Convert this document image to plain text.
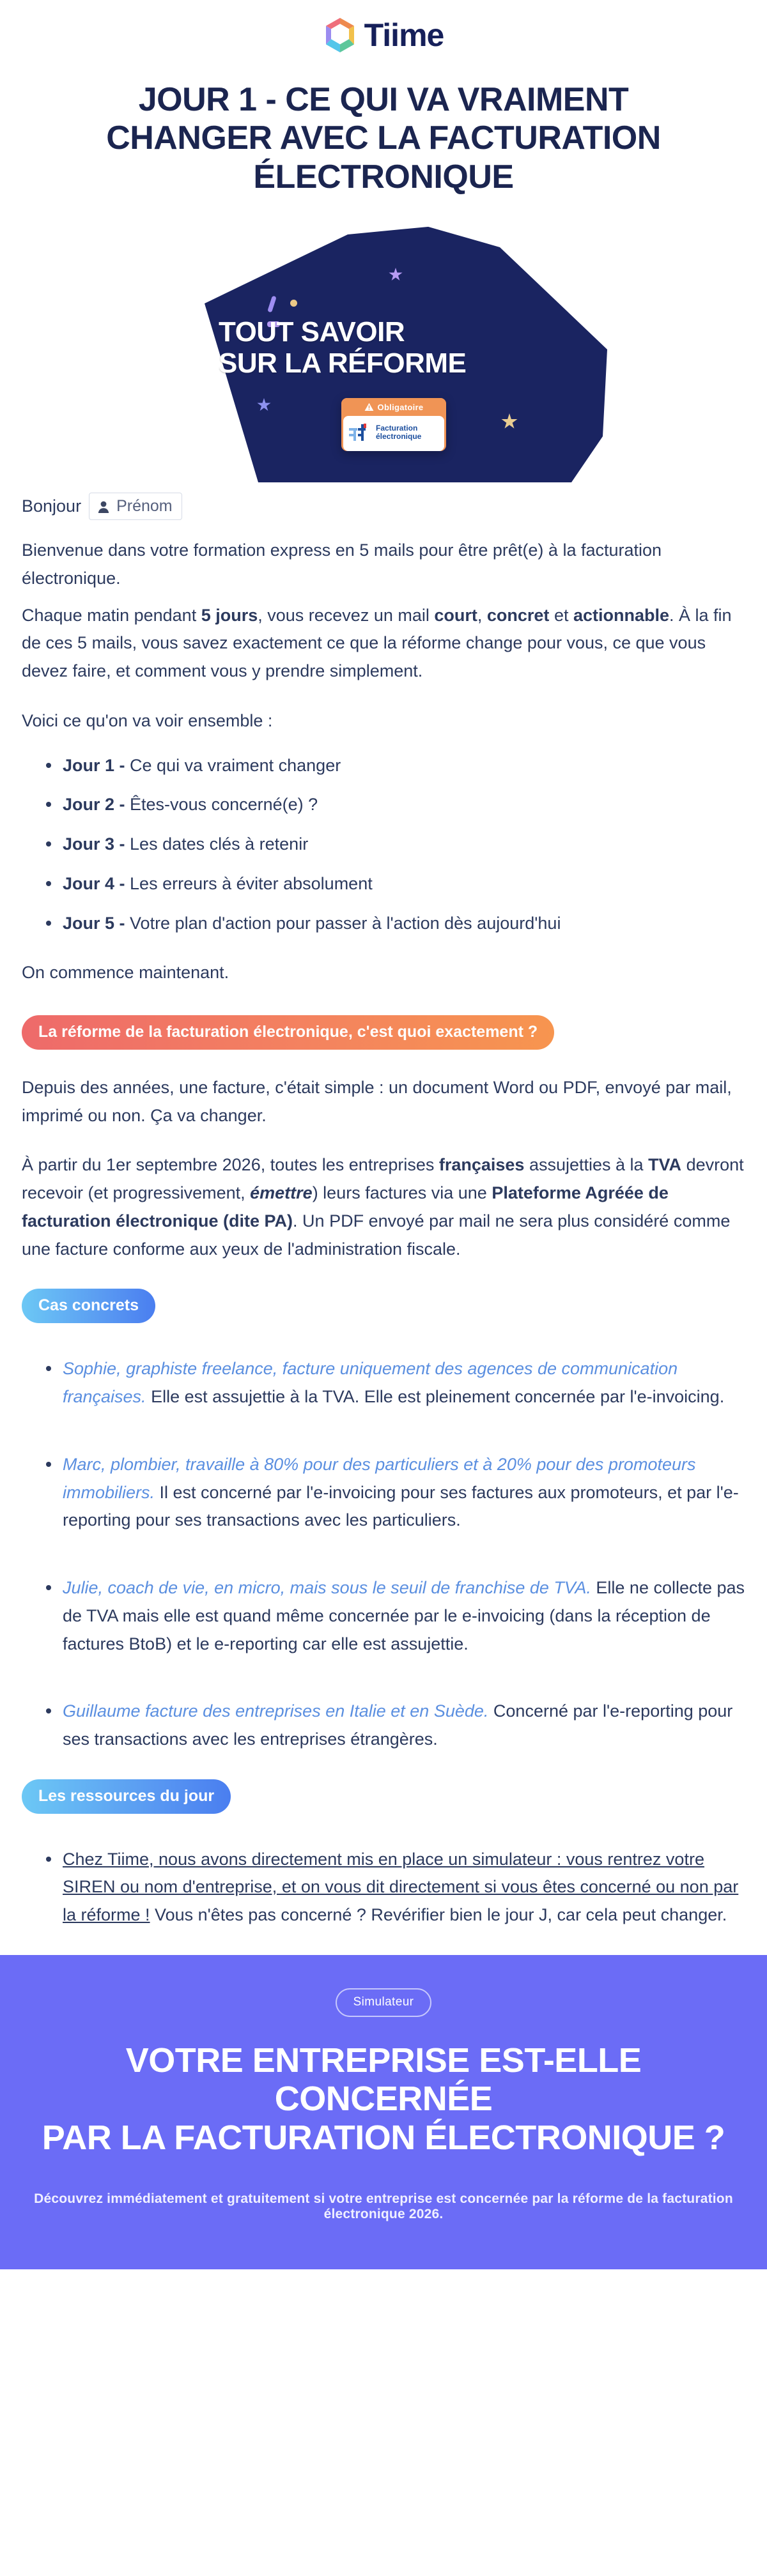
Tiime
JOUR 1 - CE QUI VA VRAIMENT CHANGER AVEC LA FACTURATION ÉLECTRONIQUE
TOUT SAVOIR
SUR LA RÉFORME
Obligatoire
Facturation
électronique
Bonjour Prénom

Bienvenue dans votre formation express en 5 mails pour être prêt(e) à la facturation électronique.

Chaque matin pendant 5 jours, vous recevez un mail court, concret et actionnable. À la fin de ces 5 mails, vous savez exactement ce que la réforme change pour vous, ce que vous devez faire, et comment vous y prendre simplement.

Voici ce qu'on va voir ensemble :

Jour 1 - Ce qui va vraiment changer
Jour 2 - Êtes-vous concerné(e) ?
Jour 3 - Les dates clés à retenir
Jour 4 - Les erreurs à éviter absolument
Jour 5 - Votre plan d'action pour passer à l'action dès aujourd'hui

On commence maintenant.

La réforme de la facturation électronique, c'est quoi exactement ?

Depuis des années, une facture, c'était simple : un document Word ou PDF, envoyé par mail, imprimé ou non. Ça va changer.

À partir du 1er septembre 2026, toutes les entreprises françaises assujetties à la TVA devront recevoir (et progressivement, émettre) leurs factures via une Plateforme Agréée de facturation électronique (dite PA). Un PDF envoyé par mail ne sera plus considéré comme une facture conforme aux yeux de l'administration fiscale.

Cas concrets
Sophie, graphiste freelance, facture uniquement des agences de communication françaises. Elle est assujettie à la TVA. Elle est pleinement concernée par l'e-invoicing.
Marc, plombier, travaille à 80% pour des particuliers et à 20% pour des promoteurs immobiliers. Il est concerné par l'e-invoicing pour ses factures aux promoteurs, et par l'e-reporting pour ses transactions avec les particuliers.
Julie, coach de vie, en micro, mais sous le seuil de franchise de TVA. Elle ne collecte pas de TVA mais elle est quand même concernée par le e-invoicing (dans la réception de factures BtoB) et le e-reporting car elle est assujettie.
Guillaume facture des entreprises en Italie et en Suède. Concerné par l'e-reporting pour ses transactions avec les entreprises étrangères.
Les ressources du jour
Chez Tiime, nous avons directement mis en place un simulateur : vous rentrez votre SIREN ou nom d'entreprise, et on vous dit directement si vous êtes concerné ou non par la réforme ! Vous n'êtes pas concerné ? Revérifier bien le jour J, car cela peut changer.
Simulateur
VOTRE ENTREPRISE EST-ELLE CONCERNÉE
PAR LA FACTURATION ÉLECTRONIQUE ?
Découvrez immédiatement et gratuitement si votre entreprise est concernée par la réforme de la facturation électronique 2026.
